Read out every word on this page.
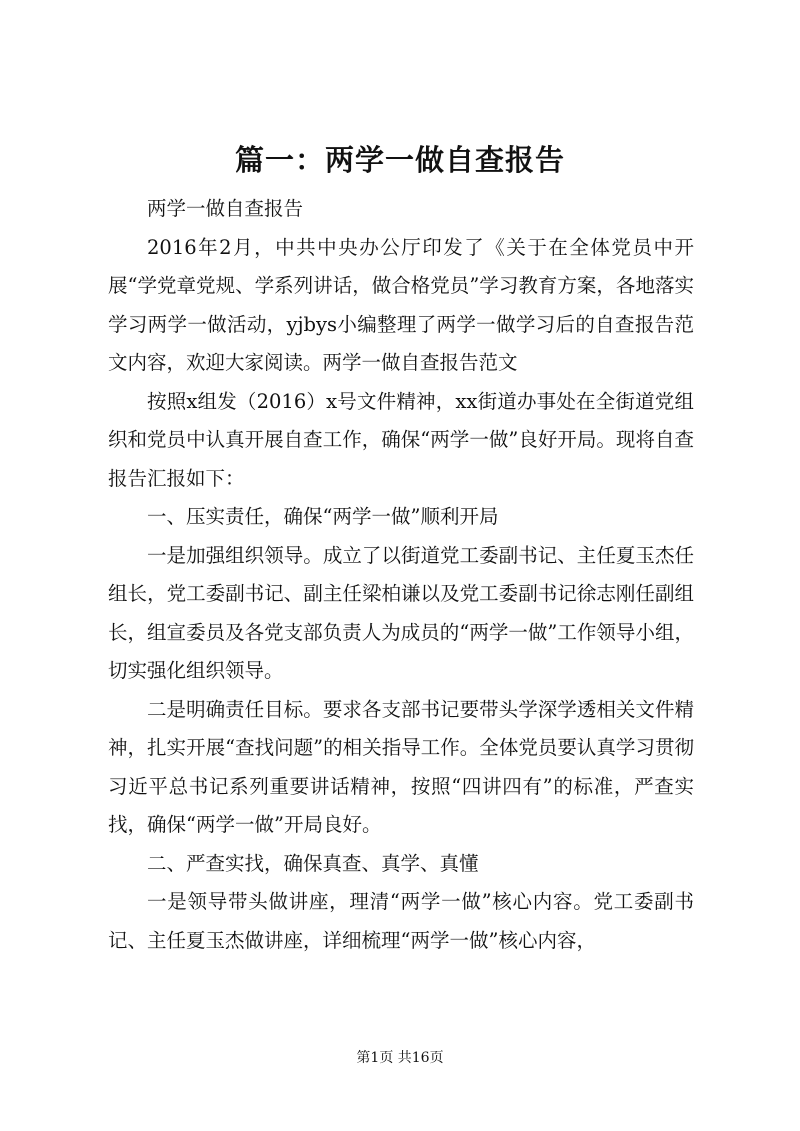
篇一：两学一做自查报告

两学一做自查报告

2016年2月，中共中央办公厅印发了《关于在全体党员中开展“学党章党规、学系列讲话，做合格党员”学习教育方案，各地落实学习两学一做活动，yjbys小编整理了两学一做学习后的自查报告范文内容，欢迎大家阅读。两学一做自查报告范文

按照x组发（2016）x号文件精神，xx街道办事处在全街道党组织和党员中认真开展自查工作，确保“两学一做”良好开局。现将自查报告汇报如下：

一、压实责任，确保“两学一做”顺利开局

一是加强组织领导。成立了以街道党工委副书记、主任夏玉杰任组长，党工委副书记、副主任梁柏谦以及党工委副书记徐志刚任副组长，组宣委员及各党支部负责人为成员的“两学一做”工作领导小组，切实强化组织领导。

二是明确责任目标。要求各支部书记要带头学深学透相关文件精神，扎实开展“查找问题”的相关指导工作。全体党员要认真学习贯彻习近平总书记系列重要讲话精神，按照“四讲四有”的标准，严查实找，确保“两学一做”开局良好。

二、严查实找，确保真查、真学、真懂

一是领导带头做讲座，理清“两学一做”核心内容。党工委副书记、主任夏玉杰做讲座，详细梳理“两学一做”核心内容，

第1页 共16页
